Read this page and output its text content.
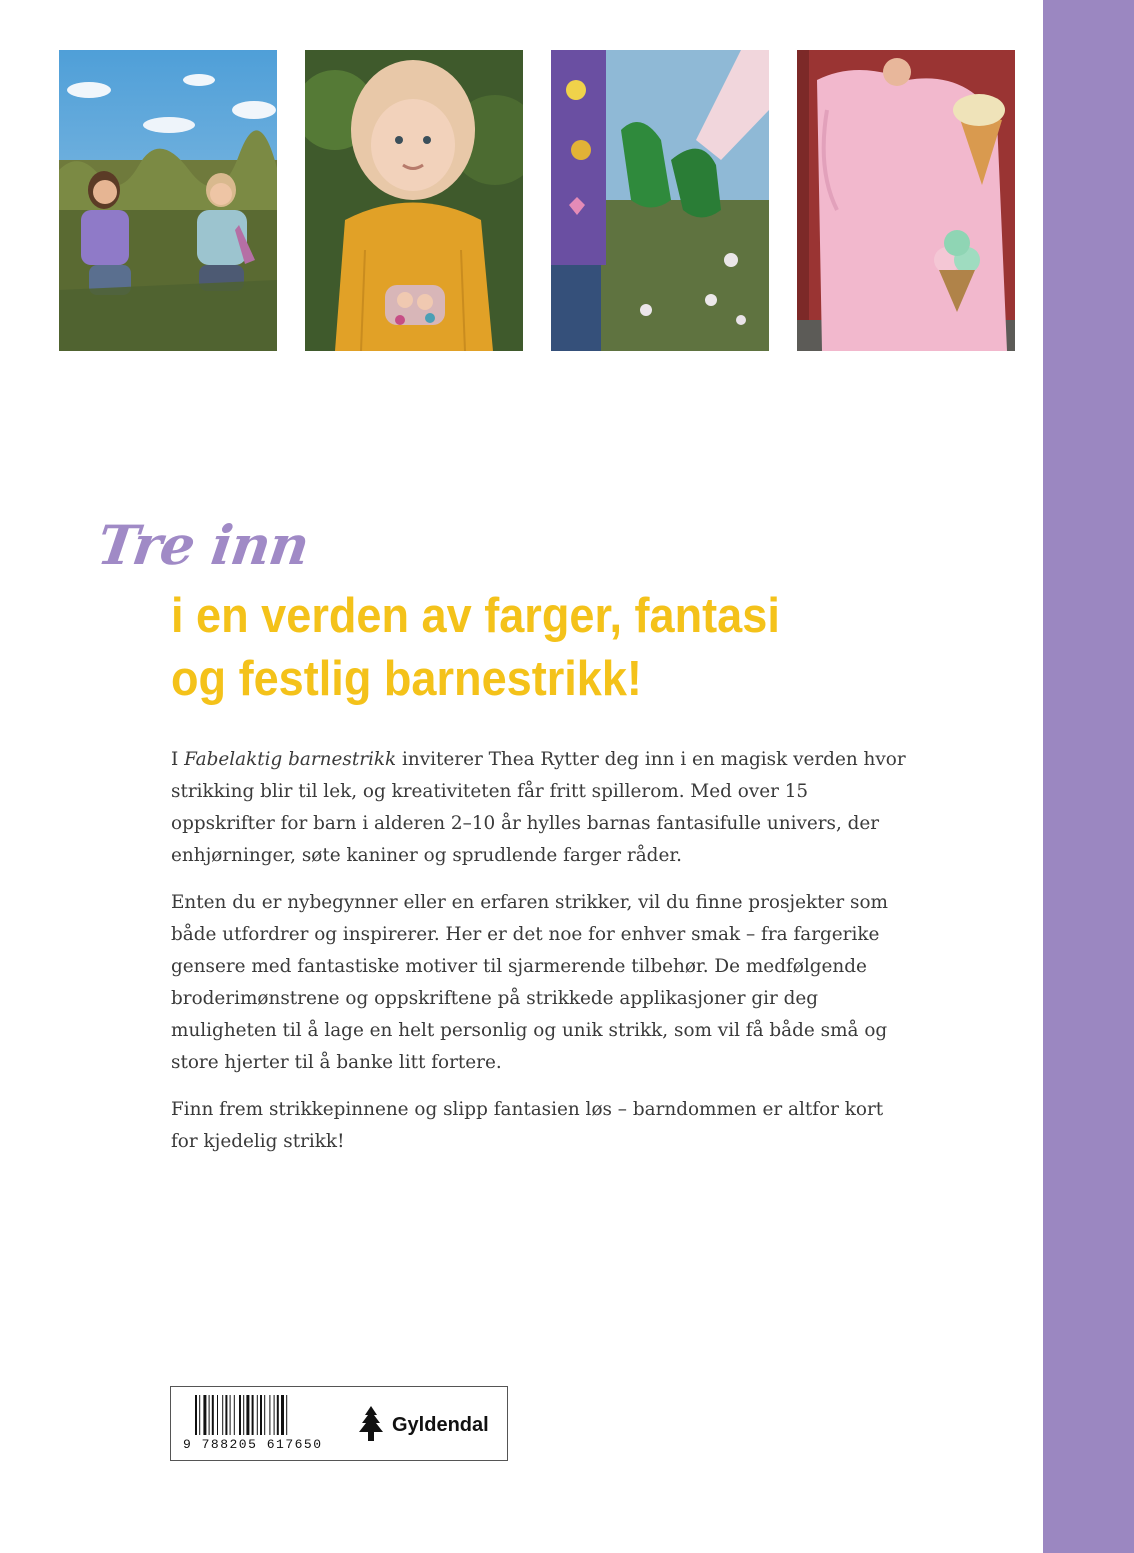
Tre inn
i en verden av farger, fantasi
og festlig barnestrikk!

I Fabelaktig barnestrikk inviterer Thea Rytter deg inn i en magisk verden hvor strikking blir til lek, og kreativiteten får fritt spillerom. Med over 15 oppskrifter for barn i alderen 2–10 år hylles barnas fantasifulle univers, der enhjørninger, søte kaniner og sprudlende farger råder.

Enten du er nybegynner eller en erfaren strikker, vil du finne prosjekter som både utfordrer og inspirerer. Her er det noe for enhver smak – fra fargerike gensere med fantastiske motiver til sjarmerende tilbehør. De medfølgende broderimønstrene og oppskriftene på strikkede applikasjoner gir deg muligheten til å lage en helt personlig og unik strikk, som vil få både små og store hjerter til å banke litt fortere.

Finn frem strikkepinnene og slipp fantasien løs – barndommen er altfor kort for kjedelig strikk!

9 788205 617650
Gyldendal
